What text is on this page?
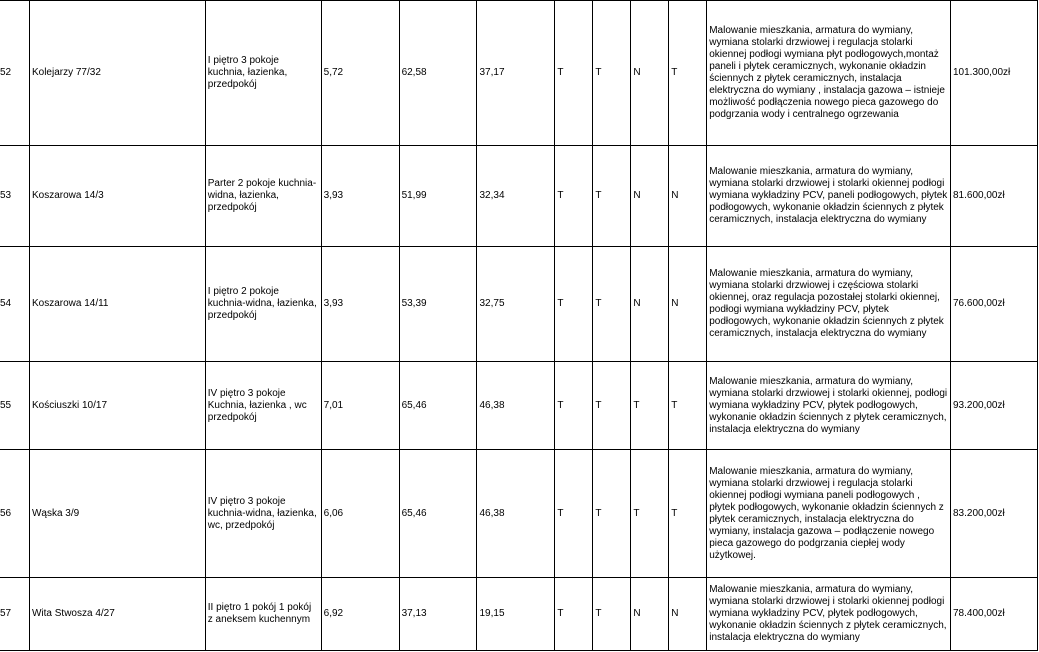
52	Kolejarzy 77/32	I piętro 3 pokoje kuchnia, łazienka, przedpokój	5,72	62,58	37,17	T	T	N	T	Malowanie mieszkania, armatura do wymiany, wymiana stolarki drzwiowej i regulacja stolarki okiennej podłogi wymiana płyt podłogowych,montaż paneli i płytek ceramicznych, wykonanie okładzin ściennych z płytek ceramicznych, instalacja elektryczna do wymiany , instalacja gazowa – istnieje możliwość podłączenia nowego pieca gazowego do podgrzania wody i centralnego ogrzewania	101.300,00zł
53	Koszarowa 14/3	Parter 2 pokoje kuchnia-widna, łazienka, przedpokój	3,93	51,99	32,34	T	T	N	N	Malowanie mieszkania, armatura do wymiany, wymiana stolarki drzwiowej i stolarki okiennej podłogi wymiana wykładziny PCV, paneli podłogowych, płytek podłogowych, wykonanie okładzin ściennych z płytek ceramicznych, instalacja elektryczna do wymiany	81.600,00zł
54	Koszarowa 14/11	I piętro 2 pokoje kuchnia-widna, łazienka, przedpokój	3,93	53,39	32,75	T	T	N	N	Malowanie mieszkania, armatura do wymiany, wymiana stolarki drzwiowej i częściowa stolarki okiennej, oraz regulacja pozostałej stolarki okiennej, podłogi wymiana wykładziny PCV, płytek podłogowych, wykonanie okładzin ściennych z płytek ceramicznych, instalacja elektryczna do wymiany	76.600,00zł
55	Kościuszki 10/17	IV piętro 3 pokoje Kuchnia, łazienka , wc przedpokój	7,01	65,46	46,38	T	T	T	T	Malowanie mieszkania, armatura do wymiany, wymiana stolarki drzwiowej i stolarki okiennej, podłogi wymiana wykładziny PCV, płytek podłogowych, wykonanie okładzin ściennych z płytek ceramicznych, instalacja elektryczna do wymiany	93.200,00zł
56	Wąska 3/9	IV piętro 3 pokoje kuchnia-widna, łazienka, wc, przedpokój	6,06	65,46	46,38	T	T	T	T	Malowanie mieszkania, armatura do wymiany, wymiana stolarki drzwiowej i regulacja stolarki okiennej podłogi wymiana paneli podłogowych , płytek podłogowych, wykonanie okładzin ściennych z płytek ceramicznych, instalacja elektryczna do wymiany, instalacja gazowa – podłączenie nowego pieca gazowego do podgrzania ciepłej wody użytkowej.	83.200,00zł
57	Wita Stwosza 4/27	II piętro 1 pokój 1 pokój z aneksem kuchennym	6,92	37,13	19,15	T	T	N	N	Malowanie mieszkania, armatura do wymiany, wymiana stolarki drzwiowej i stolarki okiennej podłogi wymiana wykładziny PCV, płytek podłogowych, wykonanie okładzin ściennych z płytek ceramicznych, instalacja elektryczna do wymiany	78.400,00zł
